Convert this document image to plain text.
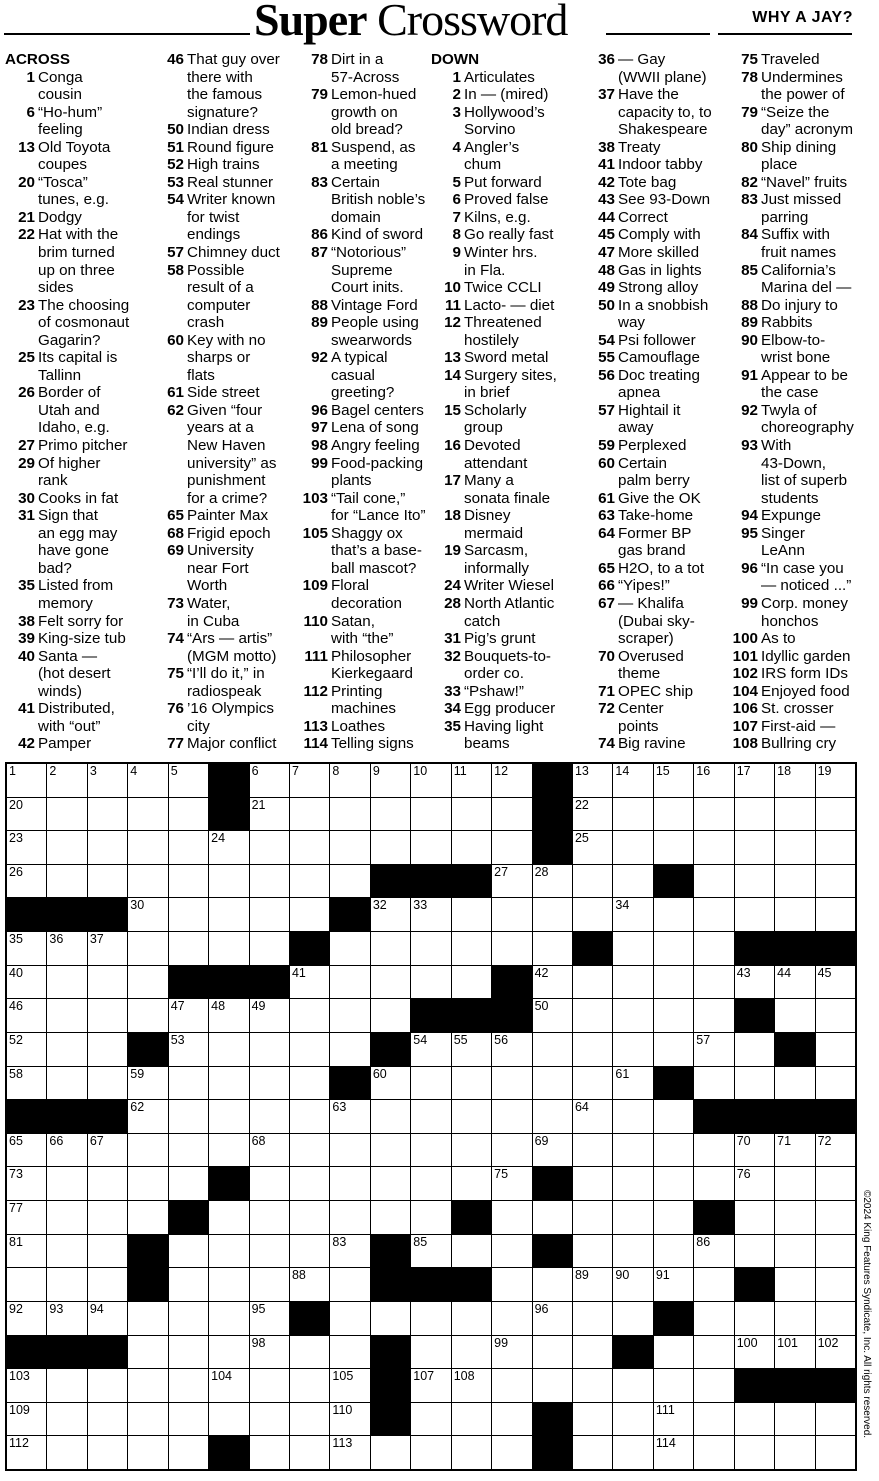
Super Crossword	WHY A JAY?
ACROSS
1 Conga
cousin
6 “Ho-hum”
feeling
13 Old Toyota
coupes
20 “Tosca”
tunes, e.g.
21 Dodgy
22 Hat with the
brim turned
up on three
sides
23 The choosing
of cosmonaut
Gagarin?
25 Its capital is
Tallinn
26 Border of
Utah and
Idaho, e.g.
27 Primo pitcher
29 Of higher
rank
30 Cooks in fat
31 Sign that
an egg may
have gone
bad?
35 Listed from
memory
38 Felt sorry for
39 King-size tub
40 Santa —
(hot desert
winds)
41 Distributed,
with “out”
42 Pamper
46 That guy over
there with
the famous
signature?
50 Indian dress
51 Round figure
52 High trains
53 Real stunner
54 Writer known
for twist
endings
57 Chimney duct
58 Possible
result of a
computer
crash
60 Key with no
sharps or
flats
61 Side street
62 Given “four
years at a
New Haven
university” as
punishment
for a crime?
65 Painter Max
68 Frigid epoch
69 University
near Fort
Worth
73 Water,
in Cuba
74 “Ars — artis”
(MGM motto)
75 “I’ll do it,” in
radiospeak
76 ’16 Olympics
city
77 Major conflict
78 Dirt in a
57-Across
79 Lemon-hued
growth on
old bread?
81 Suspend, as
a meeting
83 Certain
British noble’s
domain
86 Kind of sword
87 “Notorious”
Supreme
Court inits.
88 Vintage Ford
89 People using
swearwords
92 A typical
casual
greeting?
96 Bagel centers
97 Lena of song
98 Angry feeling
99 Food-packing
plants
103 “Tail cone,”
for “Lance Ito”
105 Shaggy ox
that’s a base-
ball mascot?
109 Floral
decoration
110 Satan,
with “the”
111 Philosopher
Kierkegaard
112 Printing
machines
113 Loathes
114 Telling signs
DOWN
1 Articulates
2 In — (mired)
3 Hollywood’s
Sorvino
4 Angler’s
chum
5 Put forward
6 Proved false
7 Kilns, e.g.
8 Go really fast
9 Winter hrs.
in Fla.
10 Twice CCLI
11 Lacto- — diet
12 Threatened
hostilely
13 Sword metal
14 Surgery sites,
in brief
15 Scholarly
group
16 Devoted
attendant
17 Many a
sonata finale
18 Disney
mermaid
19 Sarcasm,
informally
24 Writer Wiesel
28 North Atlantic
catch
31 Pig’s grunt
32 Bouquets-to-
order co.
33 “Pshaw!”
34 Egg producer
35 Having light
beams
36 — Gay
(WWII plane)
37 Have the
capacity to, to
Shakespeare
38 Treaty
41 Indoor tabby
42 Tote bag
43 See 93-Down
44 Correct
45 Comply with
47 More skilled
48 Gas in lights
49 Strong alloy
50 In a snobbish
way
54 Psi follower
55 Camouflage
56 Doc treating
apnea
57 Hightail it
away
59 Perplexed
60 Certain
palm berry
61 Give the OK
63 Take-home
64 Former BP
gas brand
65 H2O, to a tot
66 “Yipes!”
67 — Khalifa
(Dubai sky-
scraper)
70 Overused
theme
71 OPEC ship
72 Center
points
74 Big ravine
75 Traveled
78 Undermines
the power of
79 “Seize the
day” acronym
80 Ship dining
place
82 “Navel” fruits
83 Just missed
parring
84 Suffix with
fruit names
85 California’s
Marina del —
88 Do injury to
89 Rabbits
90 Elbow-to-
wrist bone
91 Appear to be
the case
92 Twyla of
choreography
93 With
43-Down,
list of superb
students
94 Expunge
95 Singer
LeAnn
96 “In case you
— noticed ...”
99 Corp. money
honchos
100 As to
101 Idyllic garden
102 IRS form IDs
104 Enjoyed food
106 St. crosser
107 First-aid —
108 Bullring cry
1	2	3	4	5	6	7	8	9	10 11 12	13 14 15 16 17 18 19
20	21	22
23	24	25
26	27 28
30	32 33	34
35 36 37
40	41	42	43 44 45
46	47 48 49	50
52	53	54 55 56	57
58	59	60	61
62	63	64
65 66 67	68	69	70 71 72
73	75	76
77
81	83	85	86
88	89 90 91
92 93 94	95	96
98	99	100 101 102
103	104	105	107 108
109	110	111
112	113	114
©2024 King Features Syndicate, Inc. All rights reserved.
